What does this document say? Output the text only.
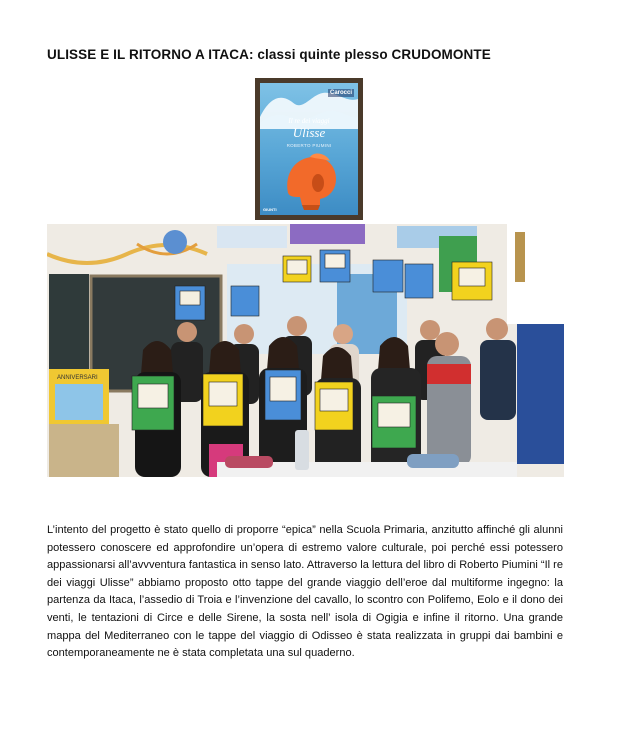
ULISSE E IL RITORNO A ITACA: classi quinte plesso CRUDOMONTE
Carocci
Il re dei viaggi
Ulisse
ROBERTO PIUMINI
GIUNTI
ANNIVERSARI
L’intento del progetto è stato quello di proporre “epica” nella Scuola Primaria, anzitutto affinché gli alunni potessero conoscere ed approfondire un’opera di estremo valore culturale, poi perché essi potessero appassionarsi all’avvventura fantastica in senso lato. Attraverso la lettura del libro di Roberto Piumini “Il re dei viaggi Ulisse” abbiamo proposto otto tappe del grande viaggio dell’eroe dal multiforme ingegno: la partenza da Itaca, l’assedio di Troia e l’invenzione del cavallo, lo scontro con Polifemo, Eolo e il dono dei venti, le tentazioni di Circe e delle Sirene, la sosta nell’ isola di Ogigia e infine il ritorno. Una grande mappa del Mediterraneo con le tappe del viaggio di Odisseo è stata realizzata in gruppi dai bambini e contemporaneamente ne è stata completata una sul quaderno.
